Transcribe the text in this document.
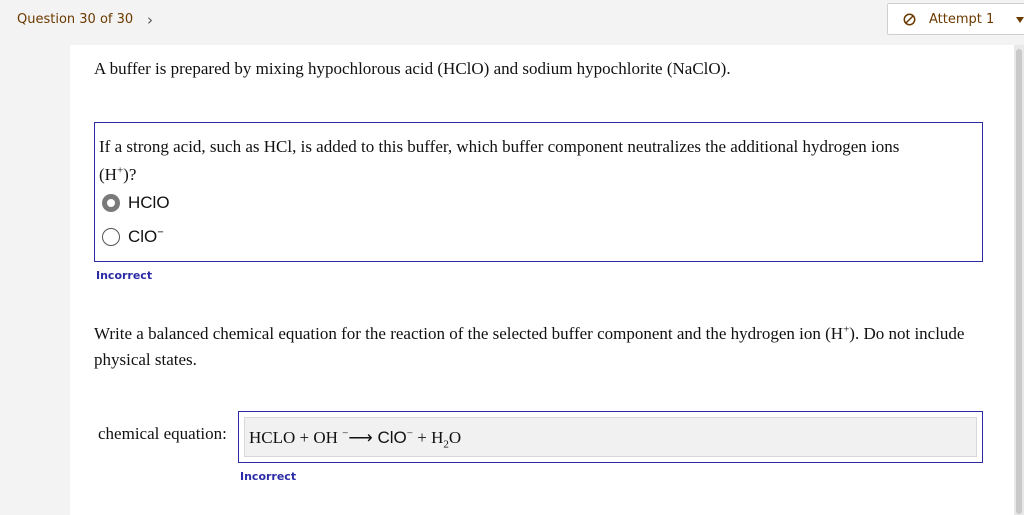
Question 30 of 30 ›	Attempt 1
A buffer is prepared by mixing hypochlorous acid (HClO) and sodium hypochlorite (NaClO).
If a strong acid, such as HCl, is added to this buffer, which buffer component neutralizes the additional hydrogen ions
(H+)?
HClO
ClO−
Incorrect
Write a balanced chemical equation for the reaction of the selected buffer component and the hydrogen ion (H+). Do not include physical states.
chemical equation: HCLO + OH −⟶ $ClO^- + H_2O$
Incorrect
